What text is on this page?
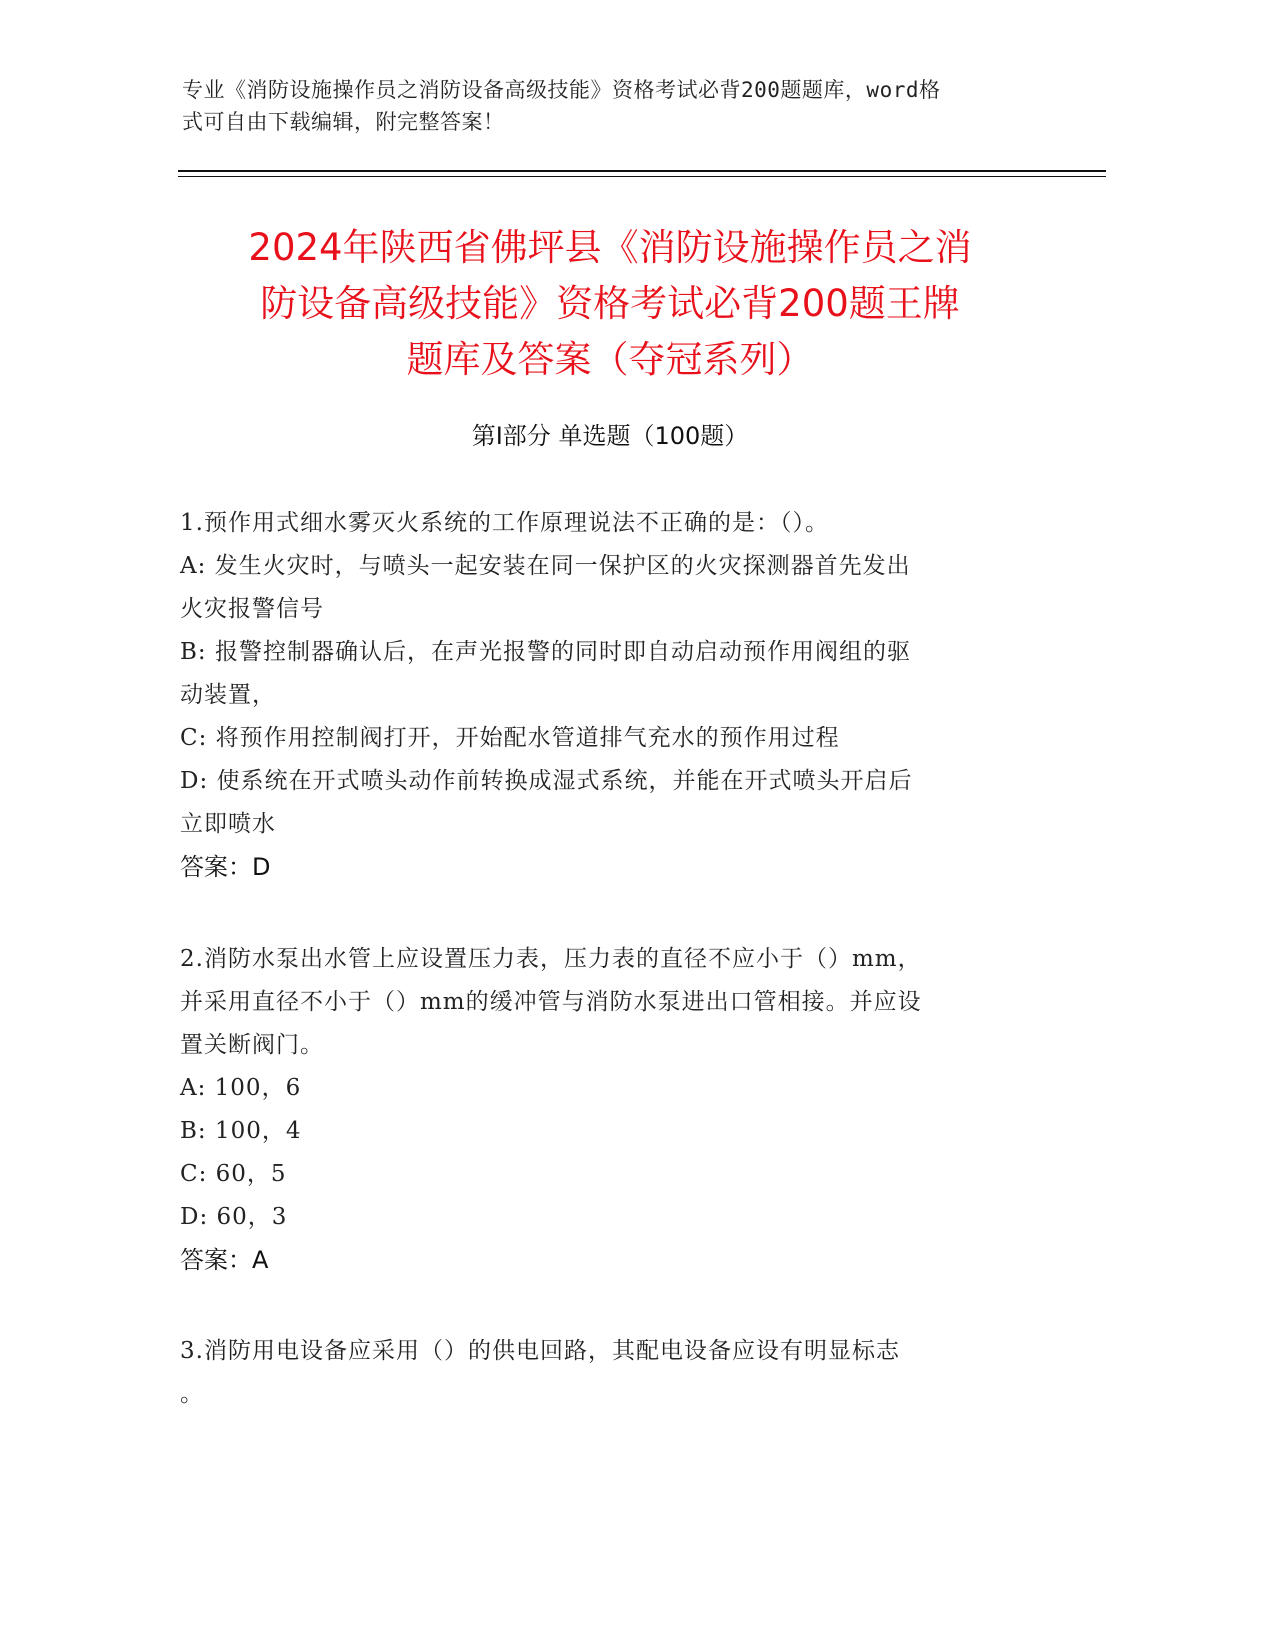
专业《消防设施操作员之消防设备高级技能》资格考试必背200题题库，word格
式可自由下载编辑，附完整答案！
2024年陕西省佛坪县《消防设施操作员之消
防设备高级技能》资格考试必背200题王牌
题库及答案（夺冠系列）
第Ⅰ部分 单选题（100题）

1.预作用式细水雾灭火系统的工作原理说法不正确的是：（）。

A: 发生火灾时，与喷头一起安装在同一保护区的火灾探测器首先发出

火灾报警信号

B: 报警控制器确认后，在声光报警的同时即自动启动预作用阀组的驱

动装置，

C: 将预作用控制阀打开，开始配水管道排气充水的预作用过程

D: 使系统在开式喷头动作前转换成湿式系统，并能在开式喷头开启后

立即喷水

答案：D

2.消防水泵出水管上应设置压力表，压力表的直径不应小于（）mm，

并采用直径不小于（）mm的缓冲管与消防水泵进出口管相接。并应设

置关断阀门。

A: 100，6

B: 100，4

C: 60，5

D: 60，3

答案：A

3.消防用电设备应采用（）的供电回路，其配电设备应设有明显标志

。
